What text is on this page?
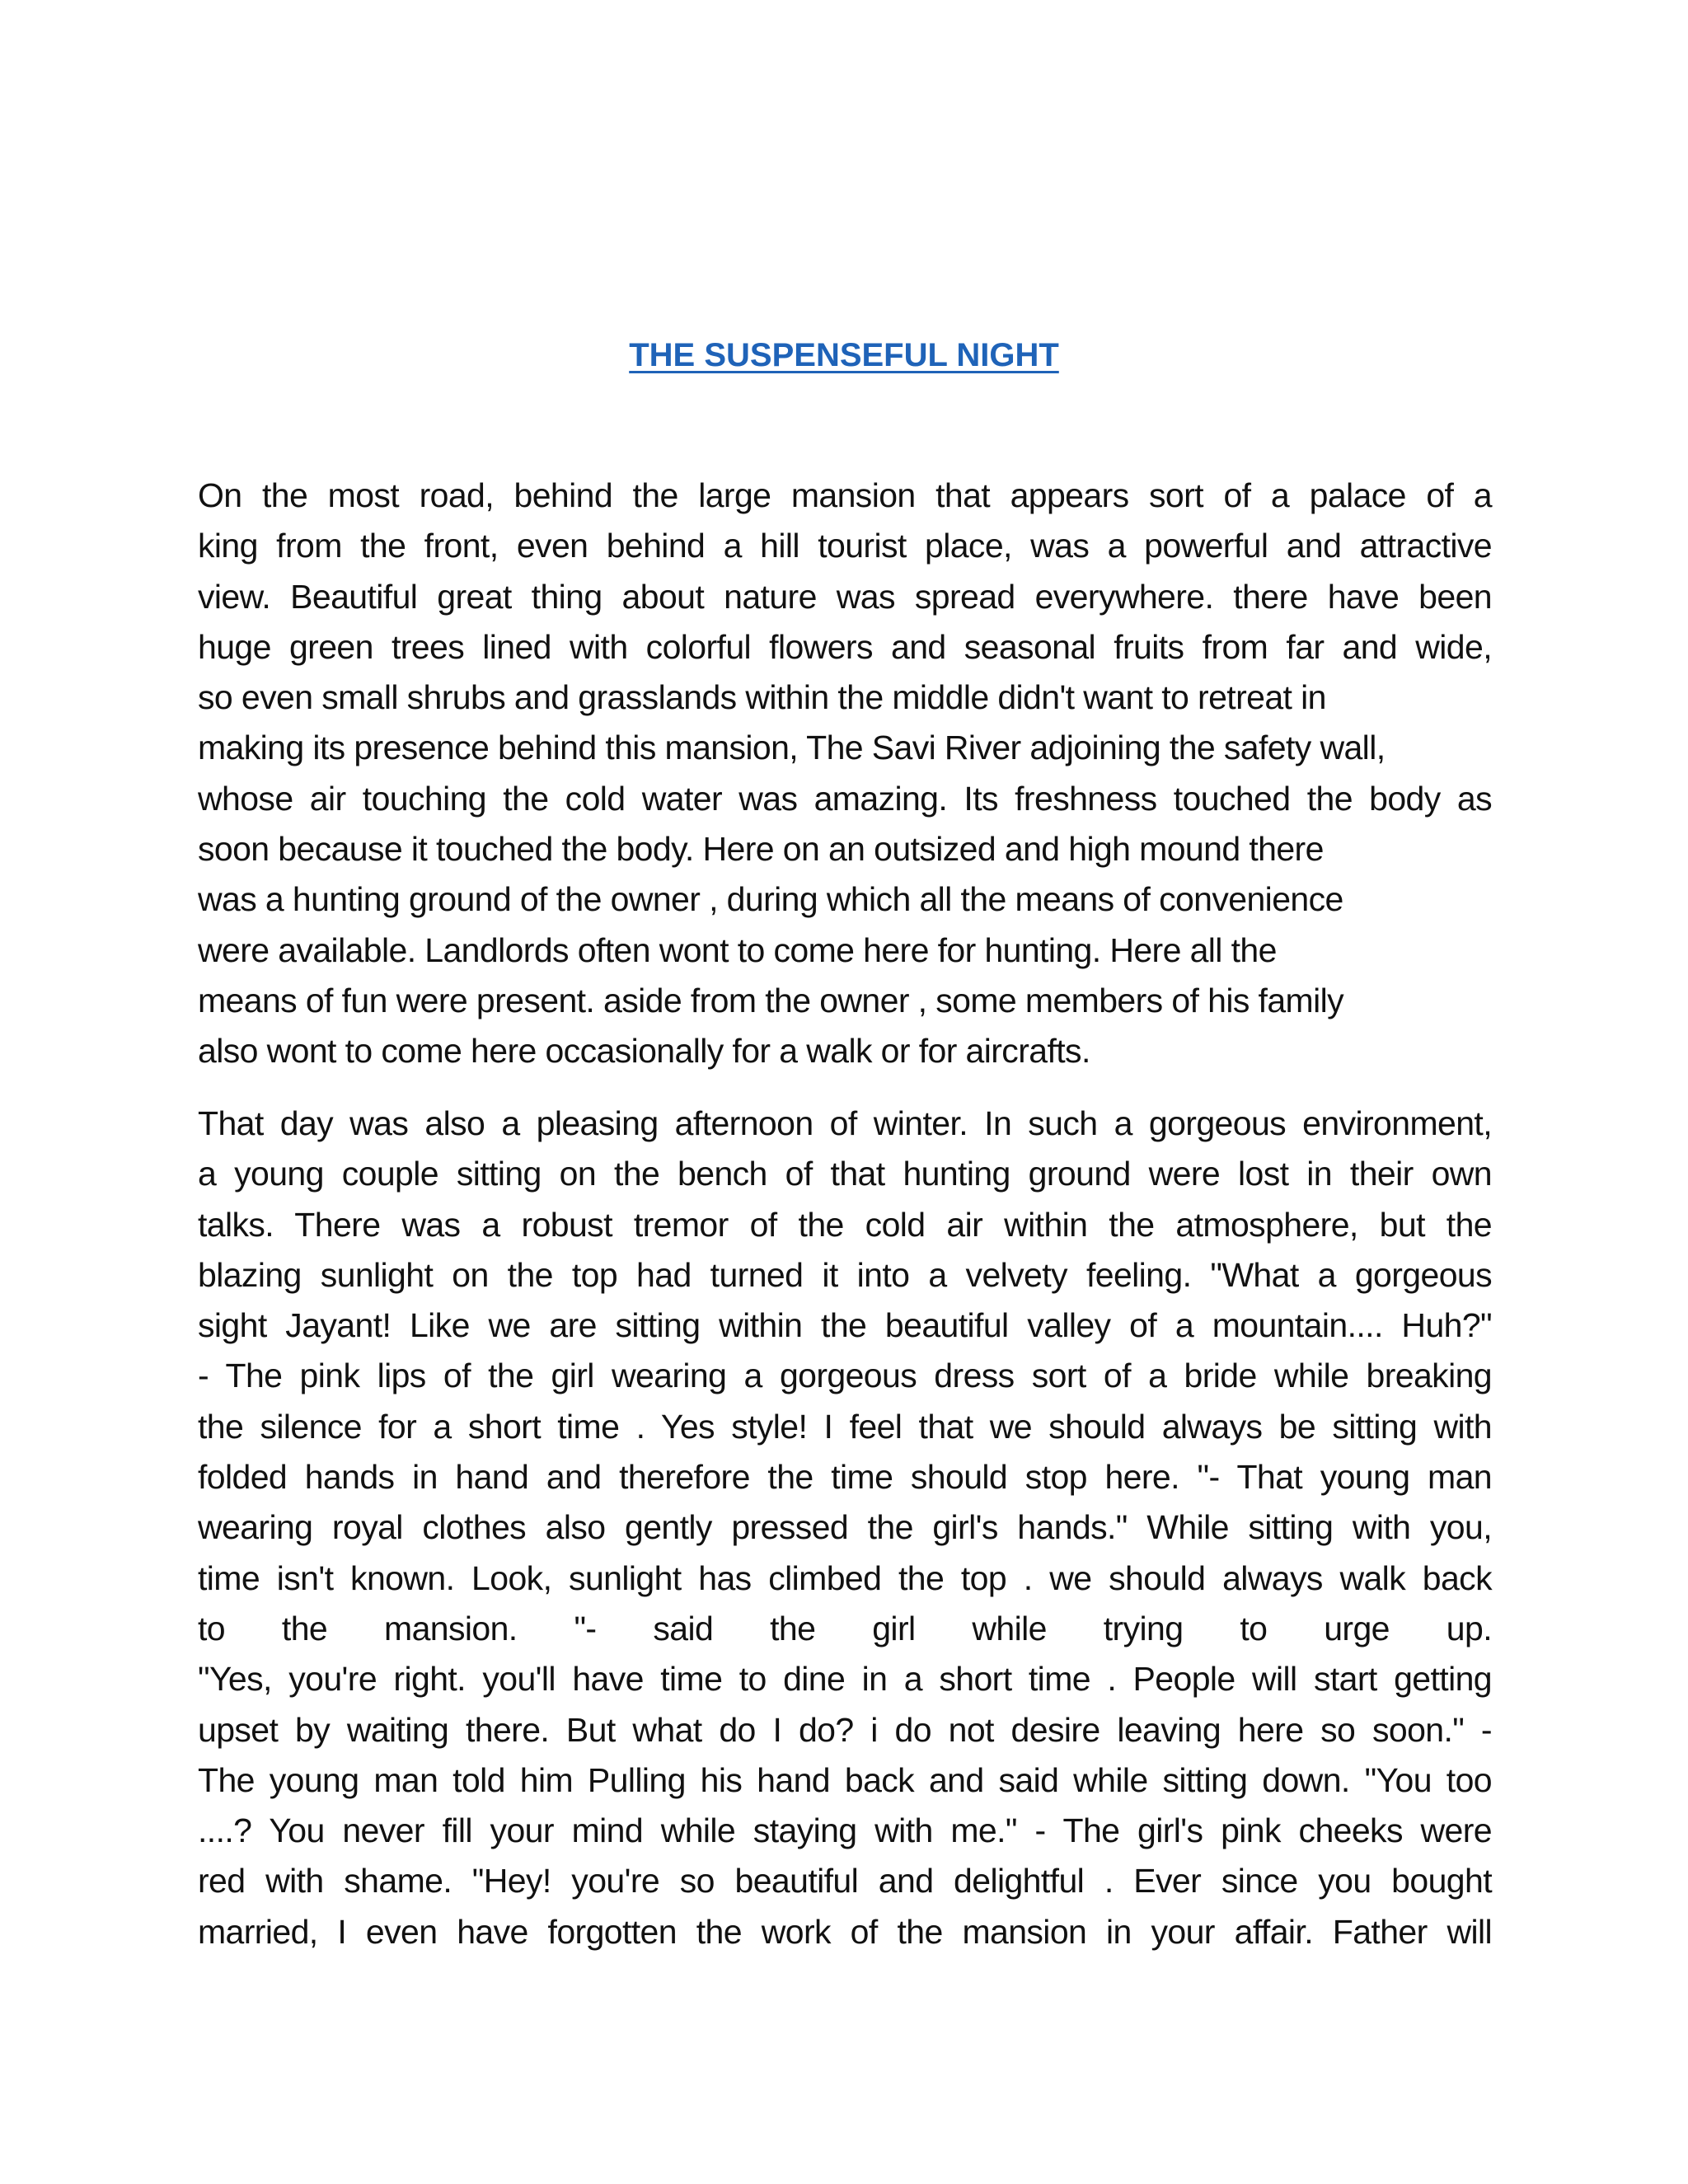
THE SUSPENSEFUL NIGHT

On the most road, behind the large mansion that appears sort of a palace of a
king from the front, even behind a hill tourist place, was a powerful and attractive
view. Beautiful great thing about nature was spread everywhere. there have been
huge green trees lined with colorful flowers and seasonal fruits from far and wide,
so even small shrubs and grasslands within the middle didn't want to retreat in
making its presence behind this mansion, The Savi River adjoining the safety wall,
whose air touching the cold water was amazing. Its freshness touched the body as
soon because it touched the body. Here on an outsized and high mound there
was a hunting ground of the owner , during which all the means of convenience
were available. Landlords often wont to come here for hunting. Here all the
means of fun were present. aside from the owner , some members of his family
also wont to come here occasionally for a walk or for aircrafts.

That day was also a pleasing afternoon of winter. In such a gorgeous environment,
a young couple sitting on the bench of that hunting ground were lost in their own
talks. There was a robust tremor of the cold air within the atmosphere, but the
blazing sunlight on the top had turned it into a velvety feeling. "What a gorgeous
sight Jayant! Like we are sitting within the beautiful valley of a mountain.... Huh?"
- The pink lips of the girl wearing a gorgeous dress sort of a bride while breaking
the silence for a short time . Yes style! I feel that we should always be sitting with
folded hands in hand and therefore the time should stop here. "- That young man
wearing royal clothes also gently pressed the girl's hands." While sitting with you,
time isn't known. Look, sunlight has climbed the top . we should always walk back
to the mansion. "- said the girl while trying to urge up.
"Yes, you're right. you'll have time to dine in a short time . People will start getting
upset by waiting there. But what do I do? i do not desire leaving here so soon." -
The young man told him Pulling his hand back and said while sitting down. "You too
....? You never fill your mind while staying with me." - The girl's pink cheeks were
red with shame. "Hey! you're so beautiful and delightful . Ever since you bought
married, I even have forgotten the work of the mansion in your affair. Father will
